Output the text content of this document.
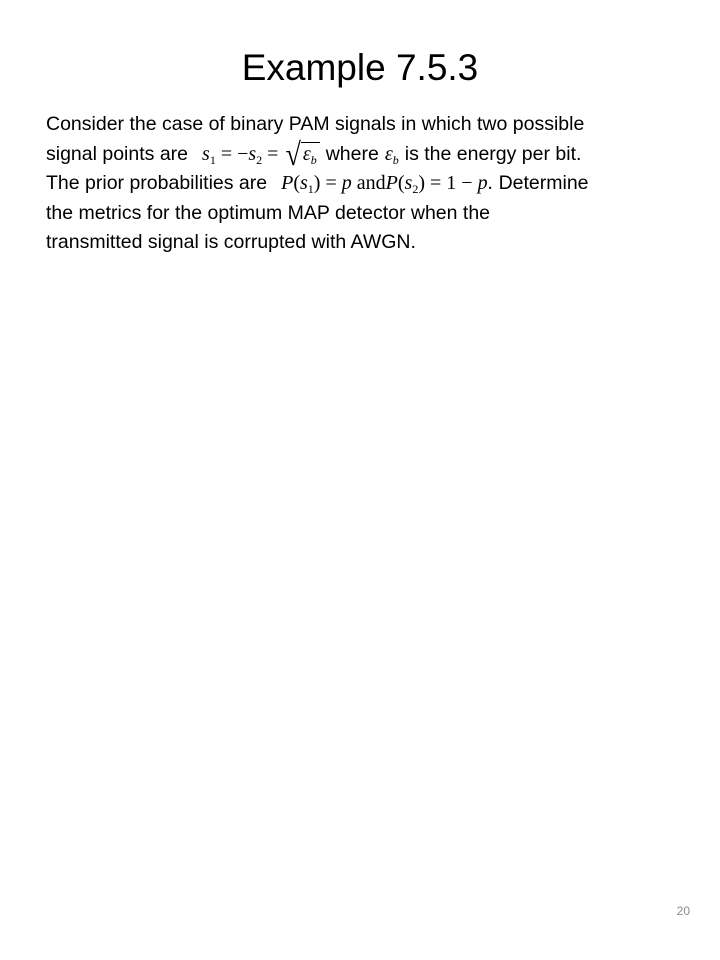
Example 7.5.3
Consider the case of binary PAM signals in which two possible
signal points are $s_1 = -s_2$ = √ $\varepsilon_b$ where $\varepsilon_b$ is the energy per bit.
The prior probabilities are $P(s_1) = p$ $andP(s_2) = 1 - p$. Determine
the metrics for the optimum MAP detector when the
transmitted signal is corrupted with AWGN.
20
